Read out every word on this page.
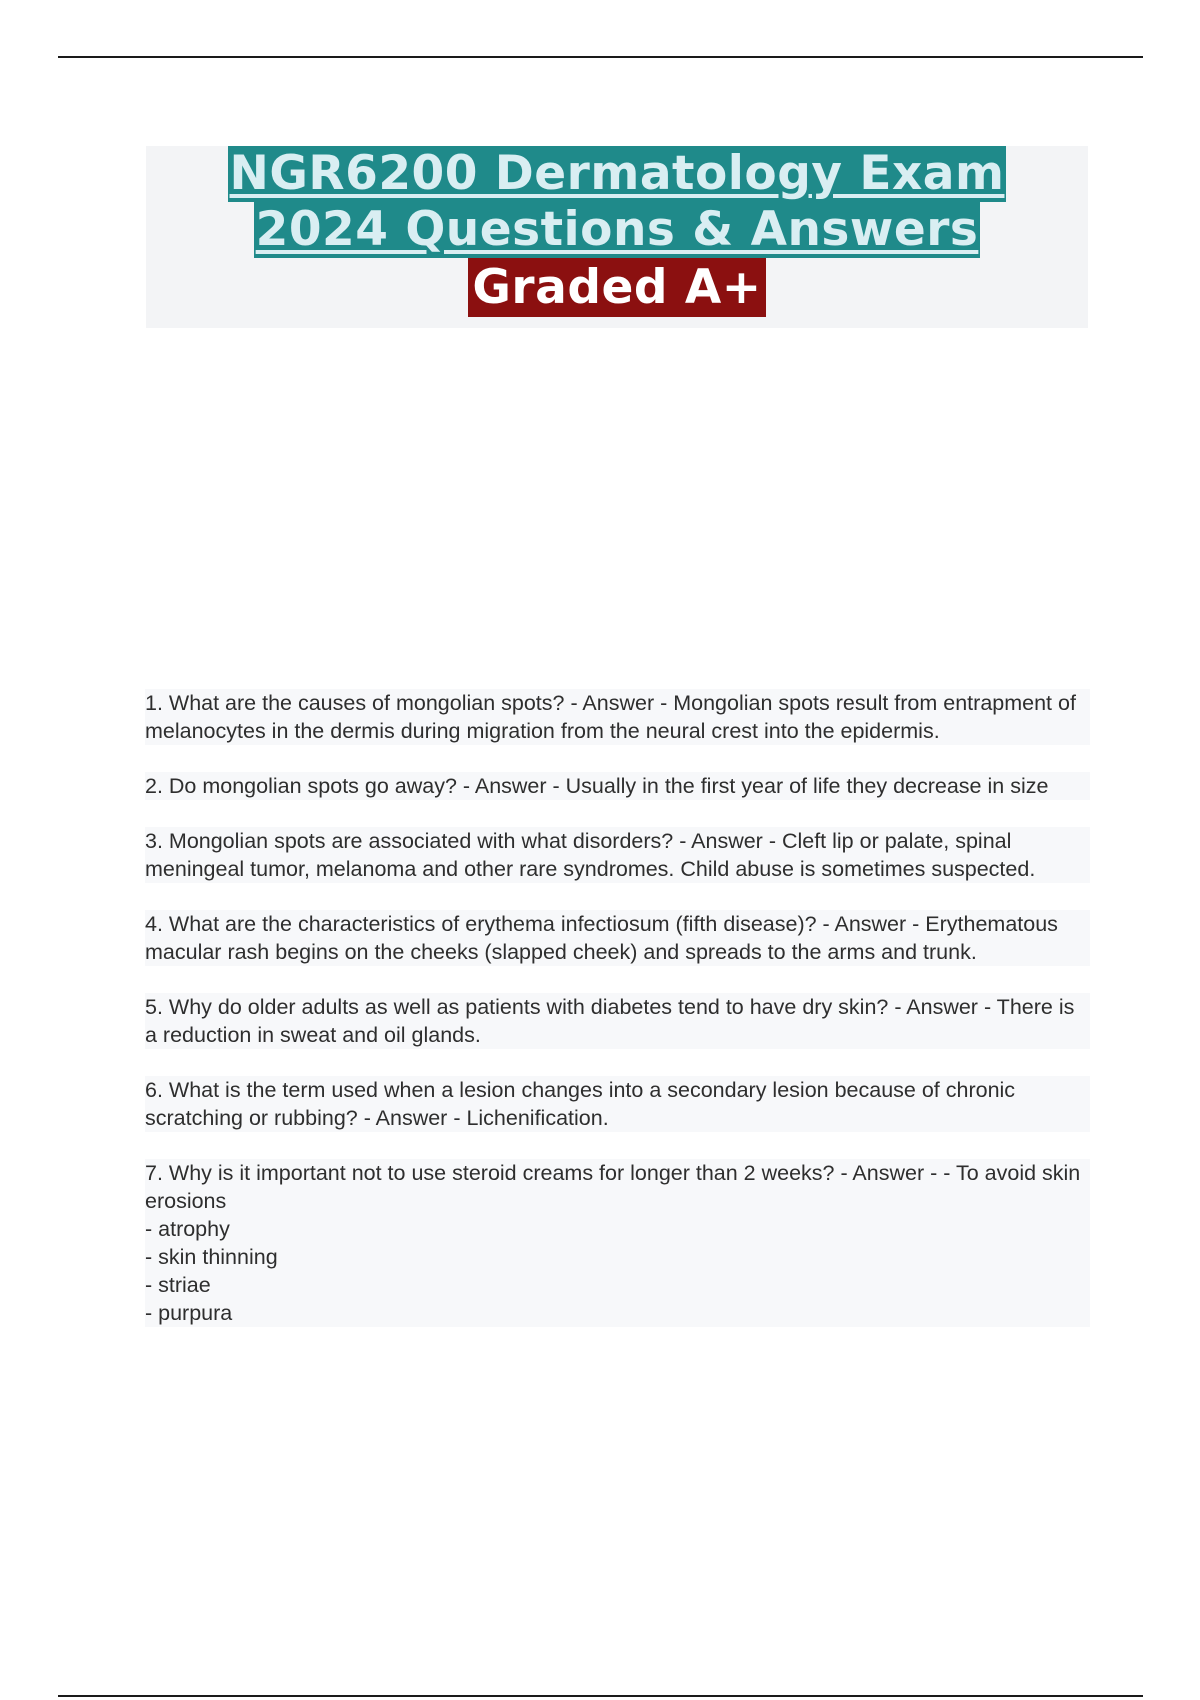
NGR6200 Dermatology Exam
2024 Questions & Answers
Graded A+

1. What are the causes of mongolian spots? - Answer - Mongolian spots result from entrapment of melanocytes in the dermis during migration from the neural crest into the epidermis.

2. Do mongolian spots go away? - Answer - Usually in the first year of life they decrease in size

3. Mongolian spots are associated with what disorders? - Answer - Cleft lip or palate, spinal meningeal tumor, melanoma and other rare syndromes. Child abuse is sometimes suspected.

4. What are the characteristics of erythema infectiosum (fifth disease)? - Answer - Erythematous macular rash begins on the cheeks (slapped cheek) and spreads to the arms and trunk.

5. Why do older adults as well as patients with diabetes tend to have dry skin? - Answer - There is a reduction in sweat and oil glands.

6. What is the term used when a lesion changes into a secondary lesion because of chronic scratching or rubbing? - Answer - Lichenification.

7. Why is it important not to use steroid creams for longer than 2 weeks? - Answer - - To avoid skin erosions

- atrophy
- skin thinning
- striae
- purpura
